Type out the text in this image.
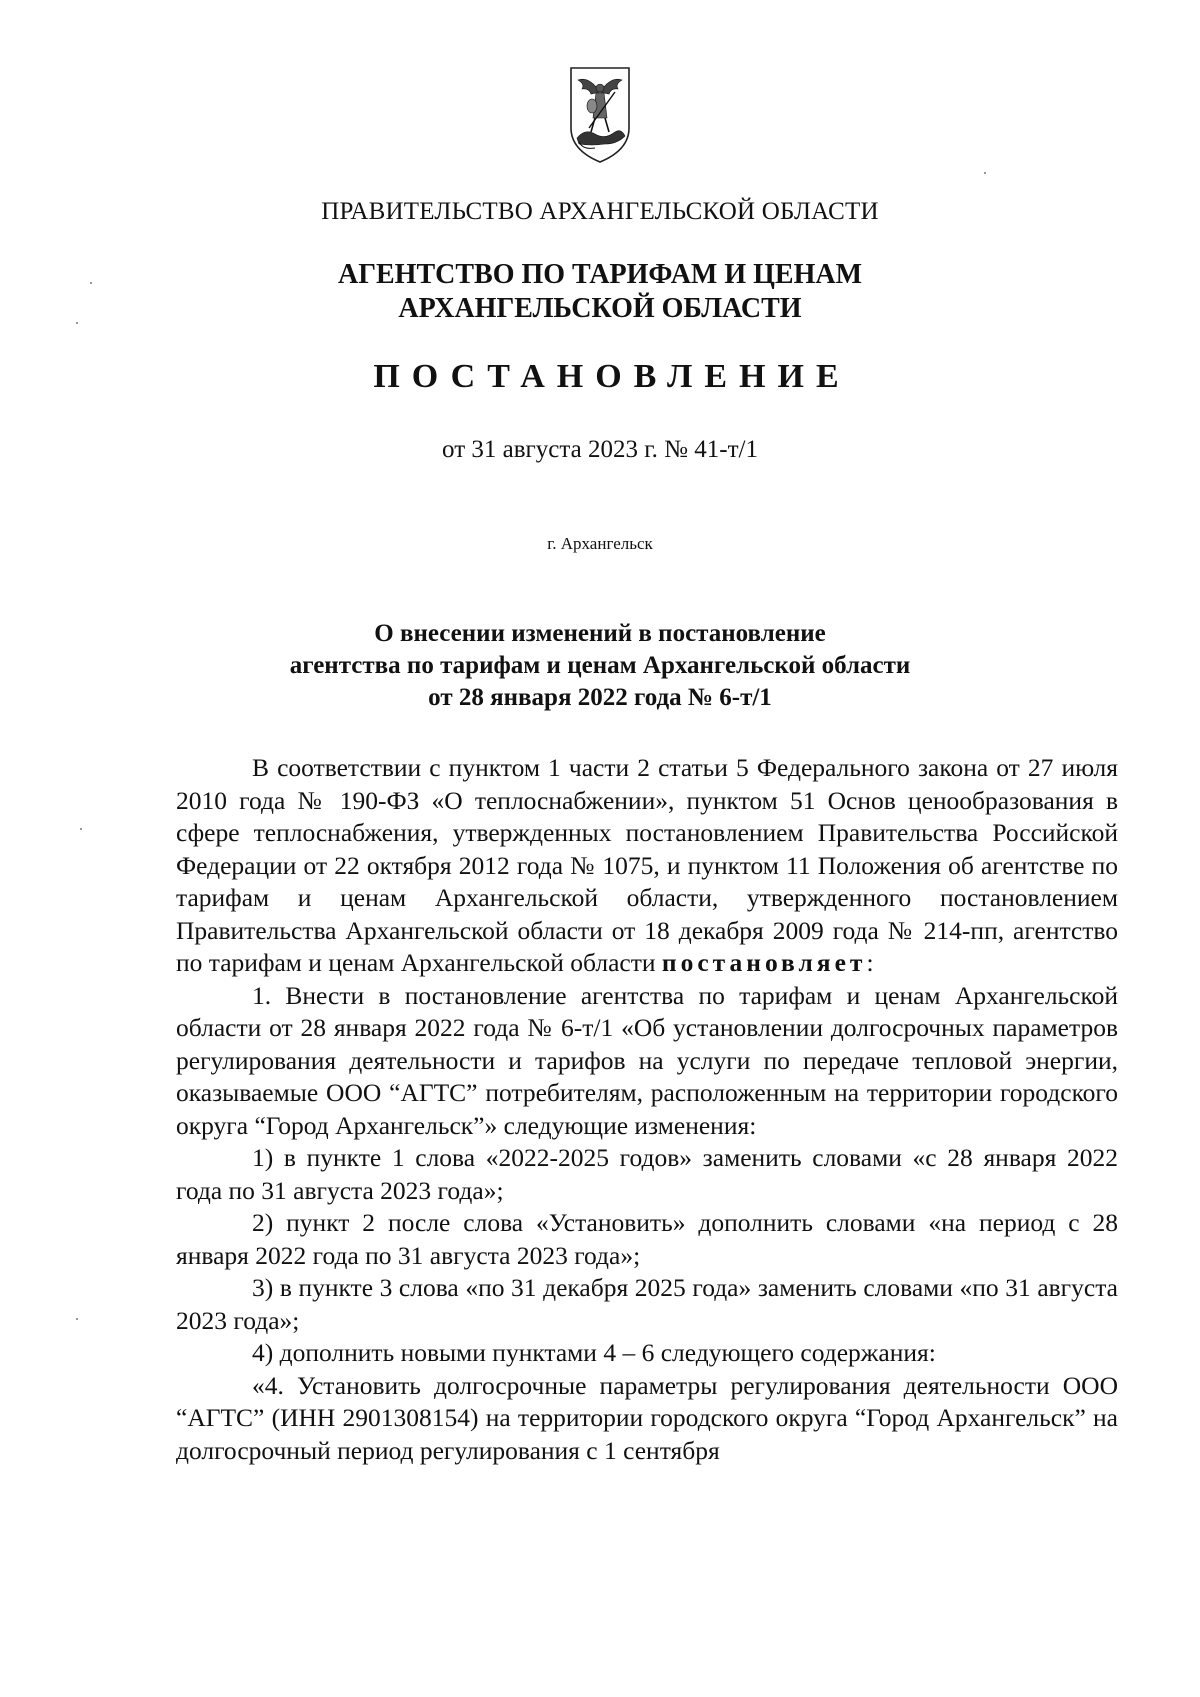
ПРАВИТЕЛЬСТВО АРХАНГЕЛЬСКОЙ ОБЛАСТИ
АГЕНТСТВО ПО ТАРИФАМ И ЦЕНАМ
АРХАНГЕЛЬСКОЙ ОБЛАСТИ
ПОСТАНОВЛЕНИЕ
от 31 августа 2023 г. № 41-т/1
г. Архангельск
О внесении изменений в постановление
агентства по тарифам и ценам Архангельской области
от 28 января 2022 года № 6-т/1

В соответствии с пунктом 1 части 2 статьи 5 Федерального закона от 27 июля 2010 года № 190-ФЗ «О теплоснабжении», пунктом 51 Основ ценообразования в сфере теплоснабжения, утвержденных постановлением Правительства Российской Федерации от 22 октября 2012 года № 1075, и пунктом 11 Положения об агентстве по тарифам и ценам Архангельской области, утвержденного постановлением Правительства Архангельской области от 18 декабря 2009 года № 214-пп, агентство по тарифам и ценам Архангельской области постановляет:

1. Внести в постановление агентства по тарифам и ценам Архангельской области от 28 января 2022 года № 6-т/1 «Об установлении долгосрочных параметров регулирования деятельности и тарифов на услуги по передаче тепловой энергии, оказываемые ООО “АГТС” потребителям, расположенным на территории городского округа “Город Архангельск”» следующие изменения:

1) в пункте 1 слова «2022-2025 годов» заменить словами «с 28 января 2022 года по 31 августа 2023 года»;

2) пункт 2 после слова «Установить» дополнить словами «на период с 28 января 2022 года по 31 августа 2023 года»;

3) в пункте 3 слова «по 31 декабря 2025 года» заменить словами «по 31 августа 2023 года»;

4) дополнить новыми пунктами 4 – 6 следующего содержания:

«4. Установить долгосрочные параметры регулирования деятельности ООО “АГТС” (ИНН 2901308154) на территории городского округа “Город Архангельск” на долгосрочный период регулирования с 1 сентября
